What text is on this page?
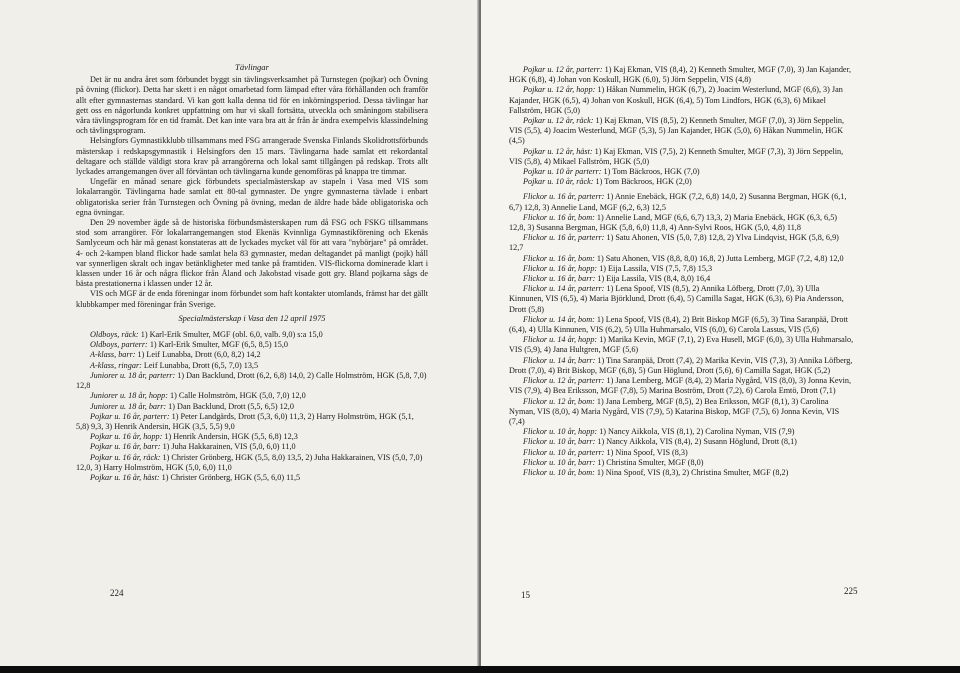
Tävlingar

Det är nu andra året som förbundet byggt sin tävlingsverksamhet på Turnstegen (pojkar) och Övning på övning (flickor). Detta har skett i en något omarbetad form lämpad efter våra förhållanden och framför allt efter gymnasternas standard. Vi kan gott kalla denna tid för en inkörningsperiod. Dessa tävlingar har gett oss en någorlunda konkret uppfattning om hur vi skall fortsätta, utveckla och småningom stabilisera våra tävlingsprogram för en tid framåt. Det kan inte vara bra att år från år ändra exempelvis klassindelning och tävlingsprogram.

Helsingfors Gymnastikklubb tillsammans med FSG arrangerade Svenska Finlands Skolidrottsförbunds mästerskap i redskapsgymnastik i Helsingfors den 15 mars. Tävlingarna hade samlat ett rekordantal deltagare och ställde väldigt stora krav på arrangörerna och lokal samt tillgången på redskap. Trots allt lyckades arrangemangen över all förväntan och tävlingarna kunde genomföras på knappa tre timmar.

Ungefär en månad senare gick förbundets specialmästerskap av stapeln i Vasa med VIS som lokalarrangör. Tävlingarna hade samlat ett 80-tal gymnaster. De yngre gymnasterna tävlade i enbart obligatoriska serier från Turnstegen och Övning på övning, medan de äldre hade både obligatoriska och egna övningar.

Den 29 november ägde så de historiska förbundsmästerskapen rum då FSG och FSKG tillsammans stod som arrangörer. För lokalarrangemangen stod Ekenäs Kvinnliga Gymnastikförening och Ekenäs Samlyceum och här må genast konstateras att de lyckades mycket väl för att vara "nybörjare" på området. 4- och 2-kampen bland flickor hade samlat hela 83 gymnaster, medan deltagandet på manligt (pojk) håll var synnerligen skralt och ingav betänkligheter med tanke på framtiden. VIS-flickorna dominerade klart i klassen under 16 år och några flickor från Åland och Jakobstad visade gott gry. Bland pojkarna sågs de bästa prestationerna i klassen under 12 år.

VIS och MGF är de enda föreningar inom förbundet som haft kontakter utomlands, främst har det gällt klubbkamper med föreningar från Sverige.

Specialmästerskap i Vasa den 12 april 1975

Oldboys, räck: 1) Karl-Erik Smulter, MGF (obl. 6,0, valb. 9,0) s:a 15,0

Oldboys, parterr: 1) Karl-Erik Smulter, MGF (6,5, 8,5) 15,0

A-klass, barr: 1) Leif Lunabba, Drott (6,0, 8,2) 14,2

A-klass, ringar: Leif Lunabba, Drott (6,5, 7,0) 13,5

Juniorer u. 18 år, parterr: 1) Dan Backlund, Drott (6,2, 6,8) 14,0, 2) Calle Holmström, HGK (5,8, 7,0) 12,8

Juniorer u. 18 år, hopp: 1) Calle Holmström, HGK (5,0, 7,0) 12,0

Juniorer u. 18 år, barr: 1) Dan Backlund, Drott (5,5, 6,5) 12,0

Pojkar u. 16 år, parterr: 1) Peter Landgärds, Drott (5,3, 6,0) 11,3, 2) Harry Holmström, HGK (5,1, 5,8) 9,3, 3) Henrik Andersin, HGK (3,5, 5,5) 9,0

Pojkar u. 16 år, hopp: 1) Henrik Andersin, HGK (5,5, 6,8) 12,3

Pojkar u. 16 år, barr: 1) Juha Hakkarainen, VIS (5,0, 6,0) 11,0

Pojkar u. 16 år, räck: 1) Christer Grönberg, HGK (5,5, 8,0) 13,5, 2) Juha Hakkarainen, VIS (5,0, 7,0) 12,0, 3) Harry Holmström, HGK (5,0, 6,0) 11,0

Pojkar u. 16 år, häst: 1) Christer Grönberg, HGK (5,5, 6,0) 11,5

224

Pojkar u. 12 år, parterr: 1) Kaj Ekman, VIS (8,4), 2) Kenneth Smulter, MGF (7,0), 3) Jan Kajander, HGK (6,8), 4) Johan von Koskull, HGK (6,0), 5) Jörn Seppelin, VIS (4,8)

Pojkar u. 12 år, hopp: 1) Håkan Nummelin, HGK (6,7), 2) Joacim Westerlund, MGF (6,6), 3) Jan Kajander, HGK (6,5), 4) Johan von Koskull, HGK (6,4), 5) Tom Lindfors, HGK (6,3), 6) Mikael Fallström, HGK (5,0)

Pojkar u. 12 år, räck: 1) Kaj Ekman, VIS (8,5), 2) Kenneth Smulter, MGF (7,0), 3) Jörn Seppelin, VIS (5,5), 4) Joacim Westerlund, MGF (5,3), 5) Jan Kajander, HGK (5,0), 6) Håkan Nummelin, HGK (4,5)

Pojkar u. 12 år, häst: 1) Kaj Ekman, VIS (7,5), 2) Kenneth Smulter, MGF (7,3), 3) Jörn Seppelin, VIS (5,8), 4) Mikael Fallström, HGK (5,0)

Pojkar u. 10 år parterr: 1) Tom Bäckroos, HGK (7,0)

Pojkar u. 10 år, räck: 1) Tom Bäckroos, HGK (2,0)

Flickor u. 16 år, parterr: 1) Annie Enebäck, HGK (7,2, 6,8) 14,0, 2) Susanna Bergman, HGK (6,1, 6,7) 12,8, 3) Annelie Land, MGF (6,2, 6,3) 12,5

Flickor u. 16 år, bom: 1) Annelie Land, MGF (6,6, 6,7) 13,3, 2) Maria Enebäck, HGK (6,3, 6,5) 12,8, 3) Susanna Bergman, HGK (5,8, 6,0) 11,8, 4) Ann-Sylvi Roos, HGK (5,0, 4,8) 11,8

Flickor u. 16 år, parterr: 1) Satu Ahonen, VIS (5,0, 7,8) 12,8, 2) Ylva Lindqvist, HGK (5,8, 6,9) 12,7

Flickor u. 16 år, bom: 1) Satu Ahonen, VIS (8,8, 8,0) 16,8, 2) Jutta Lemberg, MGF (7,2, 4,8) 12,0

Flickor u. 16 år, hopp: 1) Eija Lassila, VIS (7,5, 7,8) 15,3

Flickor u. 16 år, barr: 1) Eija Lassila, VIS (8,4, 8,0) 16,4

Flickor u. 14 år, parterr: 1) Lena Spoof, VIS (8,5), 2) Annika Löfberg, Drott (7,0), 3) Ulla Kinnunen, VIS (6,5), 4) Maria Björklund, Drott (6,4), 5) Camilla Sagat, HGK (6,3), 6) Pia Andersson, Drott (5,8)

Flickor u. 14 år, bom: 1) Lena Spoof, VIS (8,4), 2) Brit Biskop MGF (6,5), 3) Tina Saranpää, Drott (6,4), 4) Ulla Kinnunen, VIS (6,2), 5) Ulla Huhmarsalo, VIS (6,0), 6) Carola Lassus, VIS (5,6)

Flickor u. 14 år, hopp: 1) Marika Kevin, MGF (7,1), 2) Eva Husell, MGF (6,0), 3) Ulla Huhmarsalo, VIS (5,9), 4) Jana Hultgren, MGF (5,6)

Flickor u. 14 år, barr: 1) Tina Saranpää, Drott (7,4), 2) Marika Kevin, VIS (7,3), 3) Annika Löfberg, Drott (7,0), 4) Brit Biskop, MGF (6,8), 5) Gun Höglund, Drott (5,6), 6) Camilla Sagat, HGK (5,2)

Flickor u. 12 år, parterr: 1) Jana Lemberg, MGF (8,4), 2) Maria Nygård, VIS (8,0), 3) Jonna Kevin, VIS (7,9), 4) Bea Eriksson, MGF (7,8), 5) Marina Boström, Drott (7,2), 6) Carola Emtö, Drott (7,1)

Flickor u. 12 år, bom: 1) Jana Lemberg, MGF (8,5), 2) Bea Eriksson, MGF (8,1), 3) Carolina Nyman, VIS (8,0), 4) Maria Nygård, VIS (7,9), 5) Katarina Biskop, MGF (7,5), 6) Jonna Kevin, VIS (7,4)

Flickor u. 10 år, hopp: 1) Nancy Aikkola, VIS (8,1), 2) Carolina Nyman, VIS (7,9)

Flickor u. 10 år, barr: 1) Nancy Aikkola, VIS (8,4), 2) Susann Höglund, Drott (8,1)

Flickor u. 10 år, parterr: 1) Nina Spoof, VIS (8,3)

Flickor u. 10 år, barr: 1) Christina Smulter, MGF (8,0)

Flickor u. 10 år, bom: 1) Nina Spoof, VIS (8,3), 2) Christina Smulter, MGF (8,2)

15	225
